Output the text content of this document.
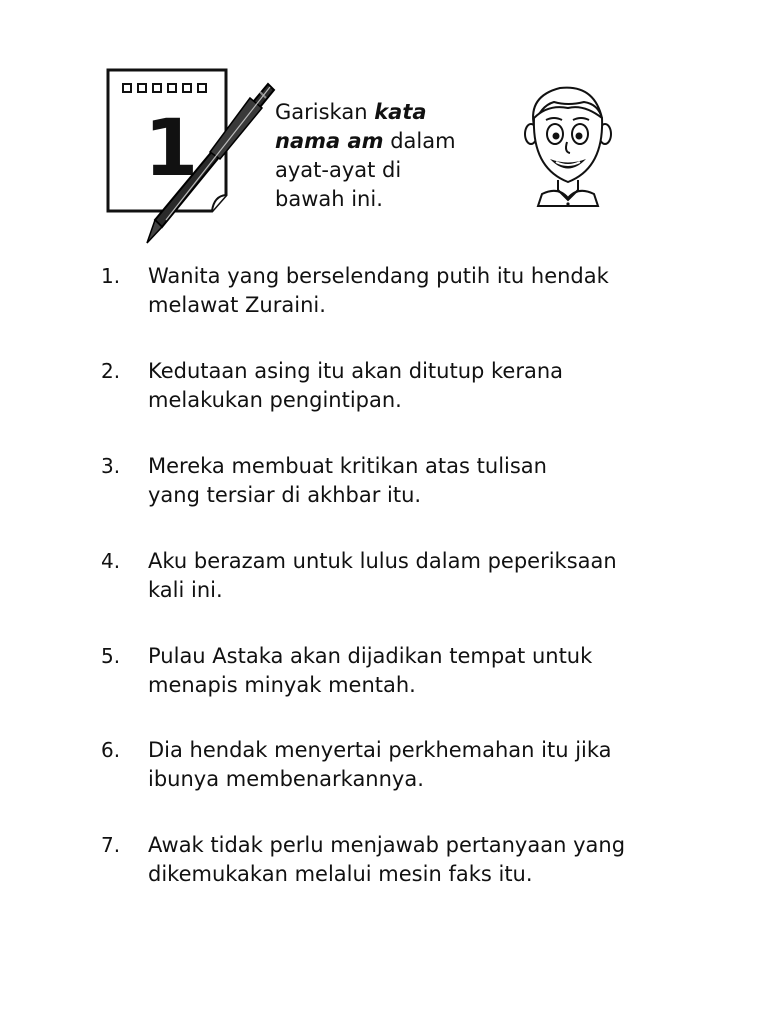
1	Gariskan kata
nama am dalam
ayat-ayat di
bawah ini.
1. Wanita yang berselendang putih itu hendak
melawat Zuraini.
2. Kedutaan asing itu akan ditutup kerana
melakukan pengintipan.
3. Mereka membuat kritikan atas tulisan
yang tersiar di akhbar itu.
4. Aku berazam untuk lulus dalam peperiksaan
kali ini.
5. Pulau Astaka akan dijadikan tempat untuk
menapis minyak mentah.
6. Dia hendak menyertai perkhemahan itu jika
ibunya membenarkannya.
7. Awak tidak perlu menjawab pertanyaan yang
dikemukakan melalui mesin faks itu.
